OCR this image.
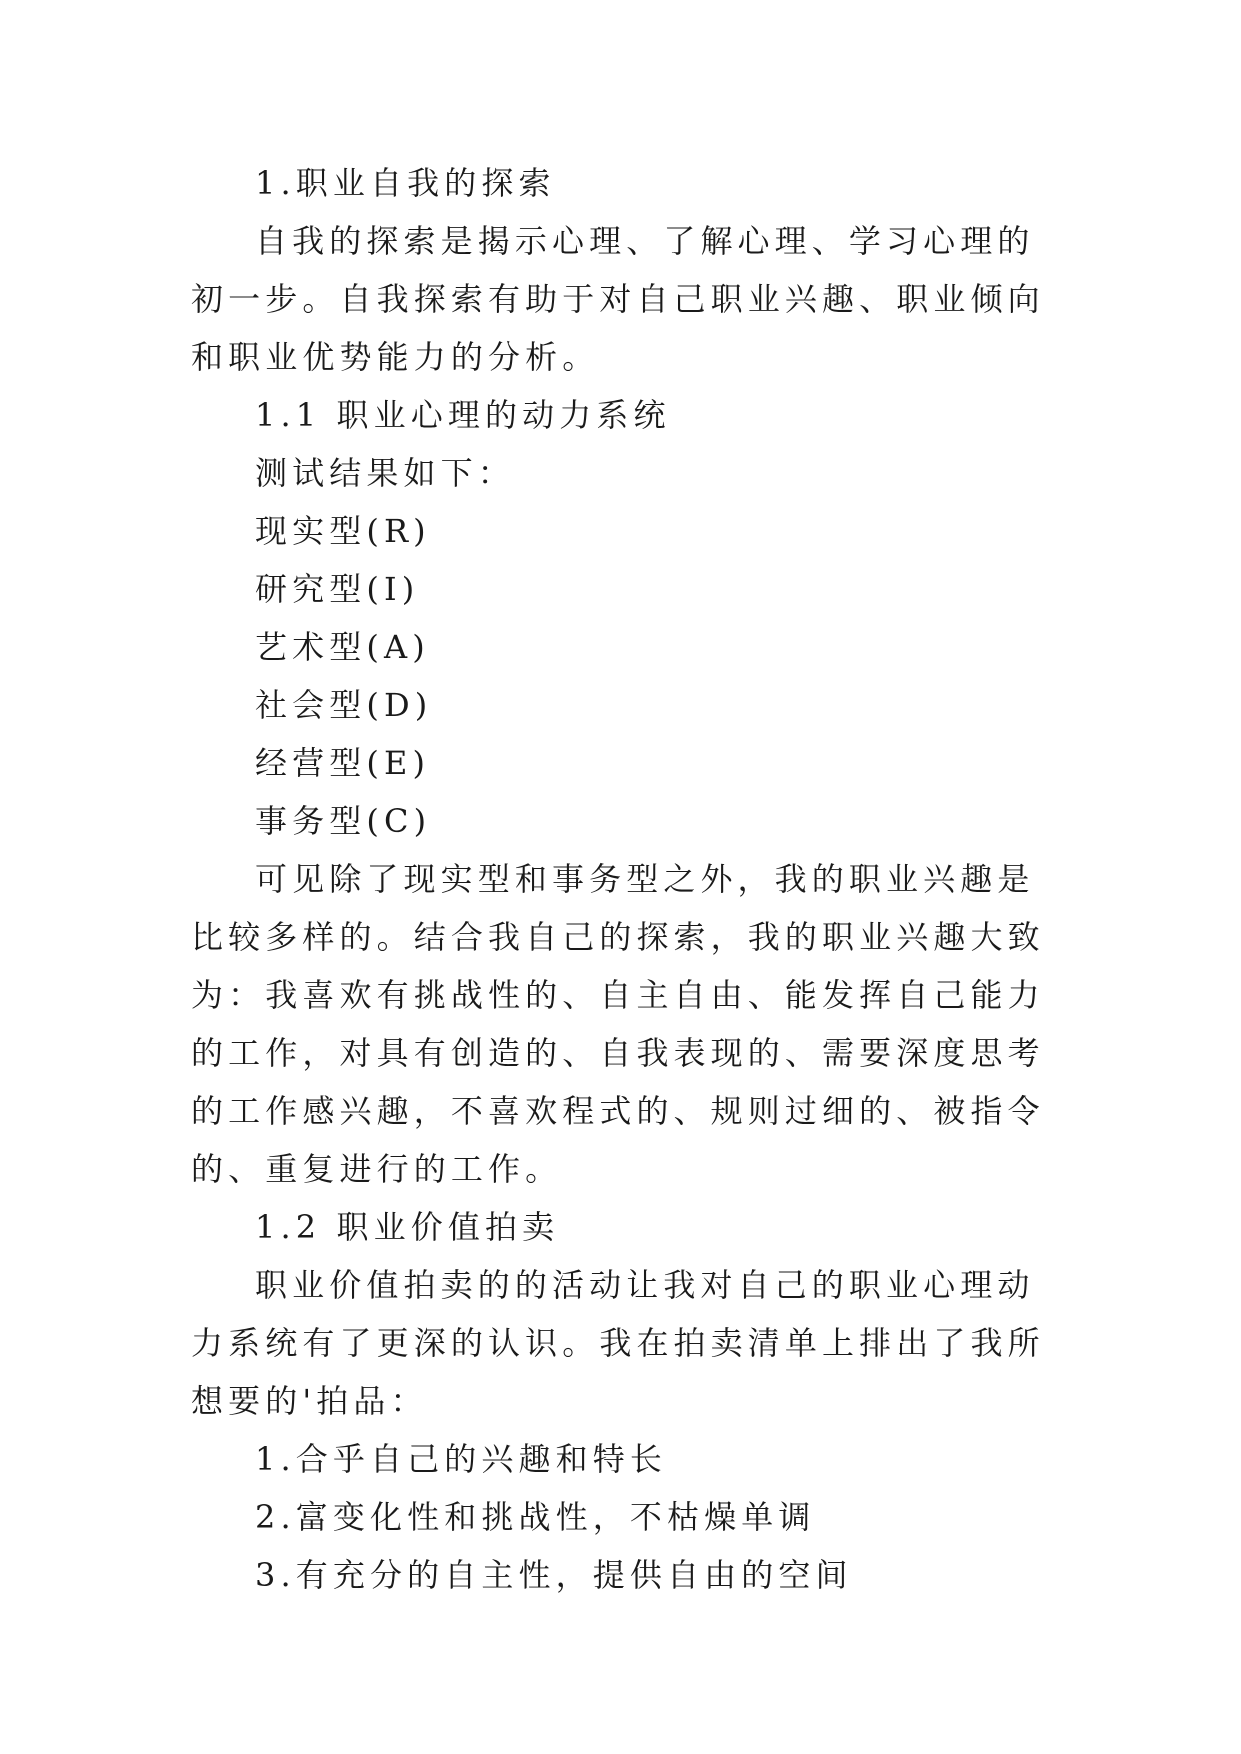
1.职业自我的探索

自我的探索是揭示心理、了解心理、学习心理的初一步。自我探索有助于对自己职业兴趣、职业倾向和职业优势能力的分析。

1.1 职业心理的动力系统

测试结果如下：

现实型(R)

研究型(I)

艺术型(A)

社会型(D)

经营型(E)

事务型(C)

可见除了现实型和事务型之外，我的职业兴趣是比较多样的。结合我自己的探索，我的职业兴趣大致为：我喜欢有挑战性的、自主自由、能发挥自己能力的工作，对具有创造的、自我表现的、需要深度思考的工作感兴趣，不喜欢程式的、规则过细的、被指令的、重复进行的工作。

1.2 职业价值拍卖

职业价值拍卖的的活动让我对自己的职业心理动力系统有了更深的认识。我在拍卖清单上排出了我所想要的'拍品：

1.合乎自己的兴趣和特长

2.富变化性和挑战性，不枯燥单调

3.有充分的自主性，提供自由的空间
